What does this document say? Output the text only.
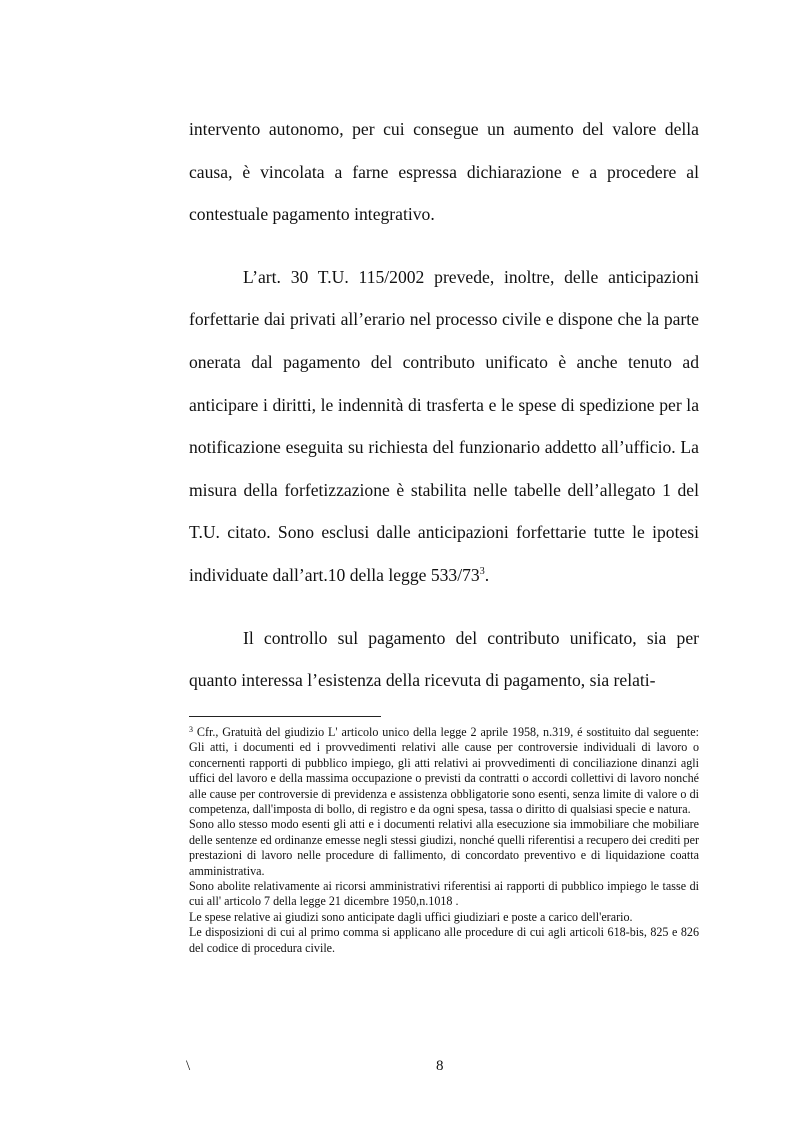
intervento autonomo, per cui consegue un aumento del valore della causa, è vincolata a farne espressa dichiarazione e a procedere al contestuale pagamento integrativo.

L’art. 30 T.U. 115/2002 prevede, inoltre, delle anticipazioni forfettarie dai privati all’erario nel processo civile e dispone che la parte onerata dal pagamento del contributo unificato è anche tenuto ad anticipare i diritti, le indennità di trasferta e le spese di spedizione per la notificazione eseguita su richiesta del funzionario addetto all’ufficio. La misura della forfetizzazione è stabilita nelle tabelle dell’allegato 1 del T.U. citato. Sono esclusi dalle anticipazioni forfettarie tutte le ipotesi individuate dall’art.10 della legge $533/73^3$.

Il controllo sul pagamento del contributo unificato, sia per quanto interessa l’esistenza della ricevuta di pagamento, sia relati-

$^3$ Cfr., Gratuità del giudizio L' articolo unico della legge 2 aprile 1958, n.319, é sostituito dal seguente: Gli atti, i documenti ed i provvedimenti relativi alle cause per controversie individuali di lavoro o concernenti rapporti di pubblico impiego, gli atti relativi ai provvedimenti di conciliazione dinanzi agli uffici del lavoro e della massima occupazione o previsti da contratti o accordi collettivi di lavoro nonché alle cause per controversie di previdenza e assistenza obbligatorie sono esenti, senza limite di valore o di competenza, dall'imposta di bollo, di registro e da ogni spesa, tassa o diritto di qualsiasi specie e natura.

Sono allo stesso modo esenti gli atti e i documenti relativi alla esecuzione sia immobiliare che mobiliare delle sentenze ed ordinanze emesse negli stessi giudizi, nonché quelli riferentisi a recupero dei crediti per prestazioni di lavoro nelle procedure di fallimento, di concordato preventivo e di liquidazione coatta amministrativa.

Sono abolite relativamente ai ricorsi amministrativi riferentisi ai rapporti di pubblico impiego le tasse di cui all' articolo 7 della legge 21 dicembre 1950,n.1018 .

Le spese relative ai giudizi sono anticipate dagli uffici giudiziari e poste a carico dell'erario.

Le disposizioni di cui al primo comma si applicano alle procedure di cui agli articoli 618-bis, 825 e 826 del codice di procedura civile.

\	8
